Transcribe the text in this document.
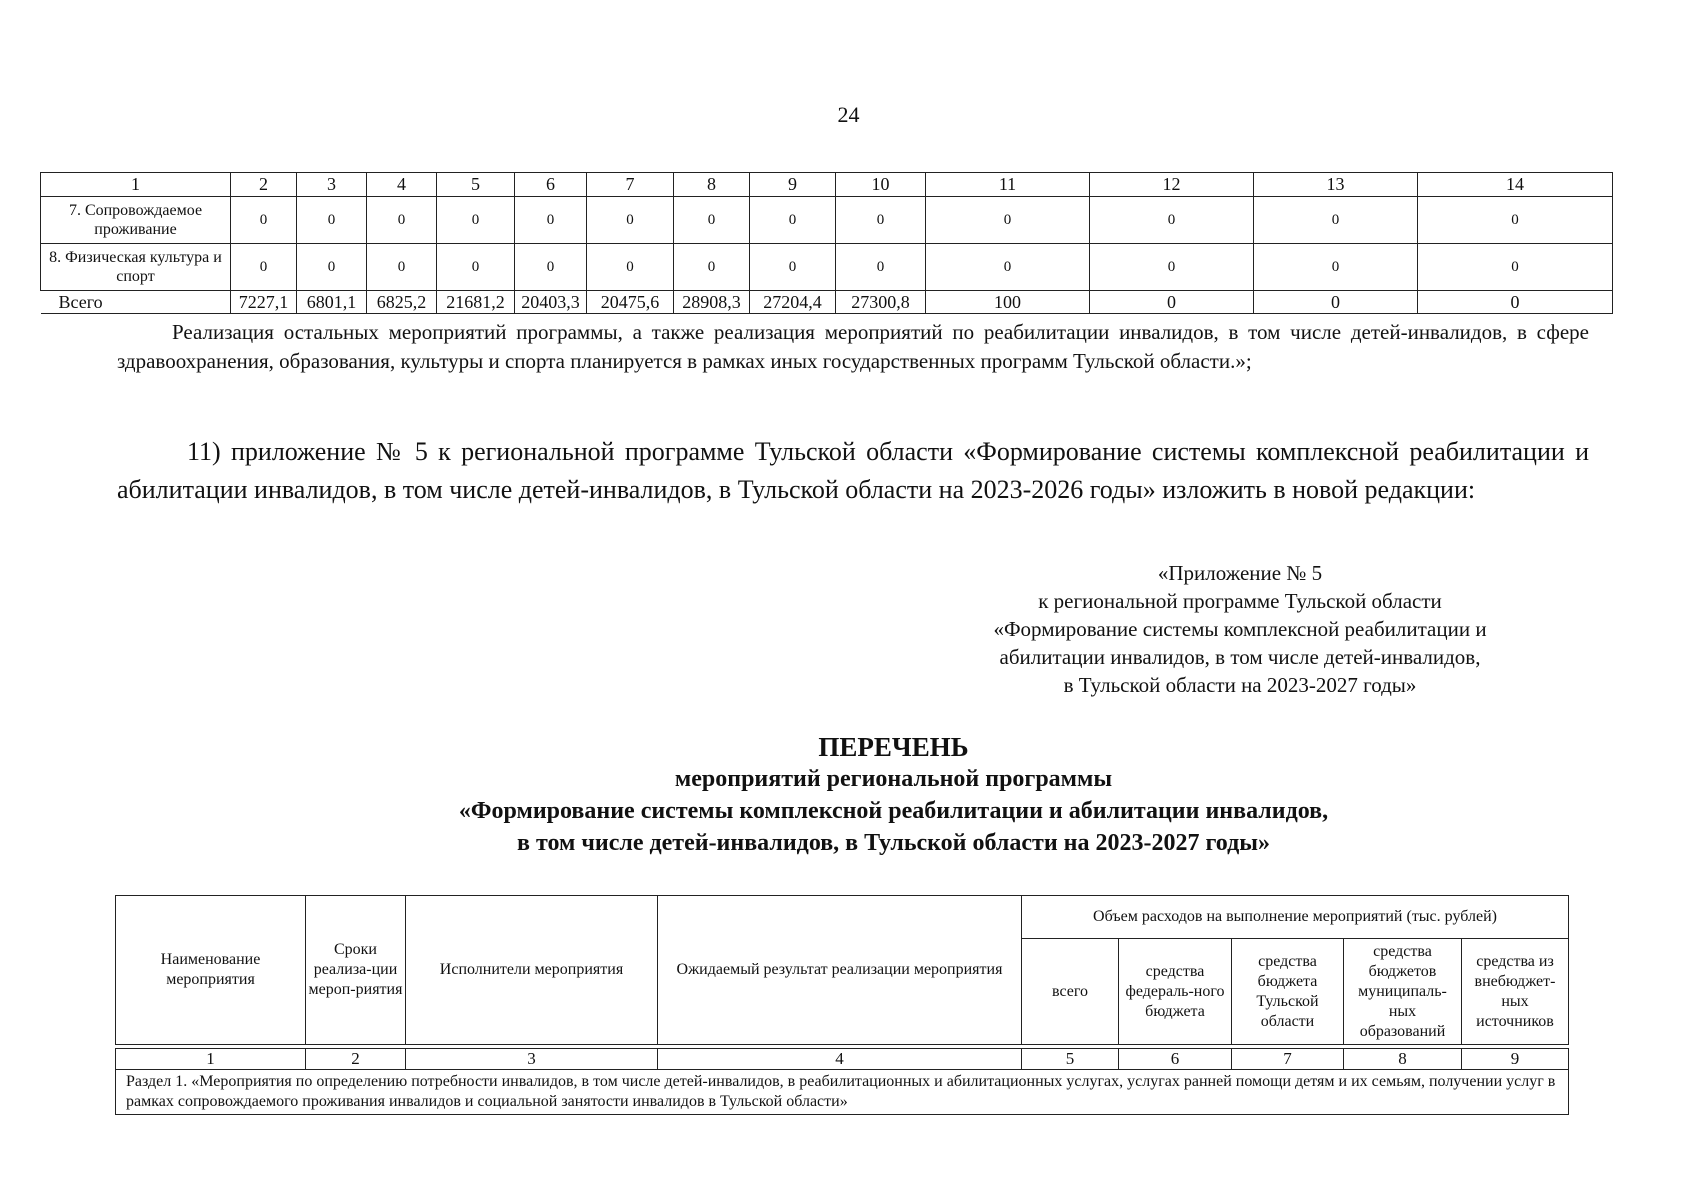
24
1	2	3	4	5	6	7	8	9	10	11	12	13	14
7. Сопровождаемое проживание	0	0	0	0	0	0	0	0	0	0	0	0	0
8. Физическая культура и спорт	0	0	0	0	0	0	0	0	0	0	0	0	0
Всего	7227,1	6801,1	6825,2	21681,2	20403,3	20475,6	28908,3	27204,4	27300,8	100	0	0	0

Реализация остальных мероприятий программы, а также реализация мероприятий по реабилитации инвалидов, в том числе детей-инвалидов, в сфере здравоохранения, образования, культуры и спорта планируется в рамках иных государственных программ Тульской области.»;

11) приложение № 5 к региональной программе Тульской области «Формирование системы комплексной реабилитации и абилитации инвалидов, в том числе детей-инвалидов, в Тульской области на 2023-2026 годы» изложить в новой редакции:

«Приложение № 5
к региональной программе Тульской области
«Формирование системы комплексной реабилитации и
абилитации инвалидов, в том числе детей-инвалидов,
в Тульской области на 2023-2027 годы»
ПЕРЕЧЕНЬ
мероприятий региональной программы
«Формирование системы комплексной реабилитации и абилитации инвалидов,
в том числе детей-инвалидов, в Тульской области на 2023-2027 годы»
Наименование мероприятия	Сроки реализа-ции мероп-риятия	Исполнители мероприятия	Ожидаемый результат реализации мероприятия	Объем расходов на выполнение мероприятий (тыс. рублей)				
				всего	средства федераль-ного бюджета	средства бюджета Тульской области	средства бюджетов муниципаль-ных образований	средства из внебюджет-ных источников

1	2	3	4	5	6	7	8	9
Раздел 1. «Мероприятия по определению потребности инвалидов, в том числе детей-инвалидов, в реабилитационных и абилитационных услугах, услугах ранней помощи детям и их семьям, получении услуг в рамках сопровождаемого проживания инвалидов и социальной занятости инвалидов в Тульской области»								
